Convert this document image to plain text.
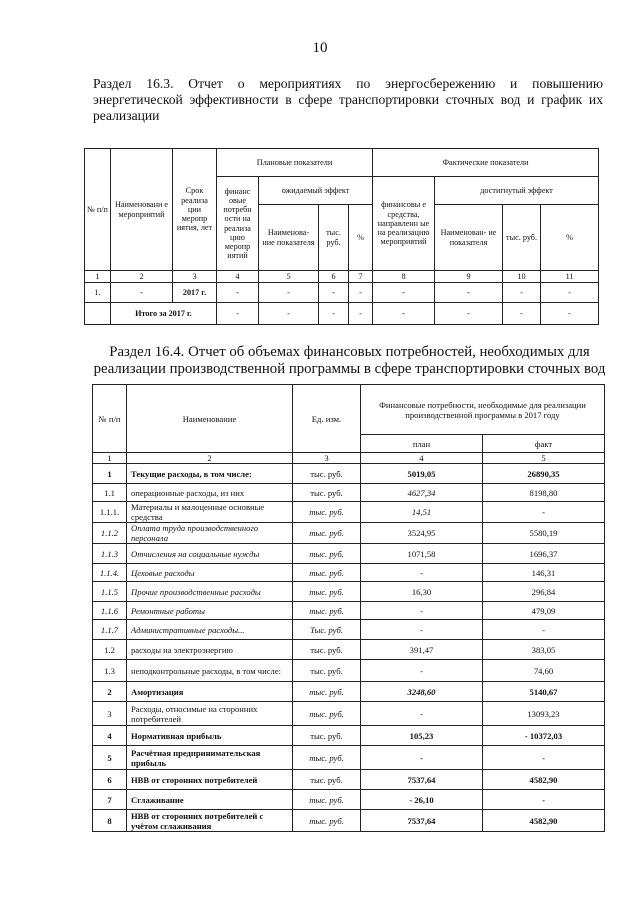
10
Раздел 16.3. Отчет о мероприятиях по энергосбережению и повышению энергетической эффективности в сфере транспортировки сточных вод и график их реализации
№ п/п	Наименовани е мероприятий	Срок реализа ции меропр иятия, лет	Плановые показатели				Фактические показатели			
			финанс овые потребн ости на реализа цию меропр иятий	ожидаемый эффект			финансовы е средства, направленн ые на реализацию мероприятий	достигнутый эффект		
				Наименова- ние показателя	тыс. руб.	%		Наименован- ие показателя	тыс. руб.	%
1	2	3	4	5	6	7	8	9	10	11
1.	-	2017 г.	-	-	-	-	-	-	-	-
	Итого за 2017 г.		-	-	-	-	-	-	-	-
Раздел 16.4. Отчет об объемах финансовых потребностей, необходимых для реализации производственной программы в сфере транспортировки сточных вод
№ п/п	Наименование	Ед. изм.	Финансовые потребности, необходимые для реализации производственной программы в 2017 году	
			план	факт
1	2	3	4	5
1	Текущие расходы, в том числе:	тыс. руб.	5019,05	26890,35
1.1	операционные расходы, из них	тыс. руб.	4627,34	8198,80
1.1.1.	Материалы и малоценные основные средства	тыс. руб.	14,51	-
1.1.2	Оплата труда производственного персонала	тыс. руб.	3524,95	5580,19
1.1.3	Отчисления на социальные нужды	тыс. руб.	1071,58	1696,37
1.1.4.	Цеховые расходы	тыс. руб.	-	146,31
1.1.5	Прочие производственные расходы	тыс. руб.	16,30	296,84
1.1.6	Ремонтные работы	тыс. руб.	-	479,09
1.1.7	Административные расходы...	Тыс. руб.	-	-
1.2	расходы на электроэнергию	тыс. руб.	391,47	383,05
1.3	неподконтрольные расходы, в том числе:	тыс. руб.	-	74,60
2	Амортизация	тыс. руб.	3248,60	5140,67
3	Расходы, относимые на сторонних потребителей	тыс. руб.	-	13093,23
4	Нормативная прибыль	тыс. руб.	105,23	- 10372,03
5	Расчётная предпринимательская прибыль	тыс. руб.	-	-
6	НВВ от сторонних потребителей	тыс. руб.	7537,64	4582,90
7	Сглаживание	тыс. руб.	- 26,10	-
8	НВВ от сторонних потребителей с учётом сглаживания	тыс. руб.	7537,64	4582,90
